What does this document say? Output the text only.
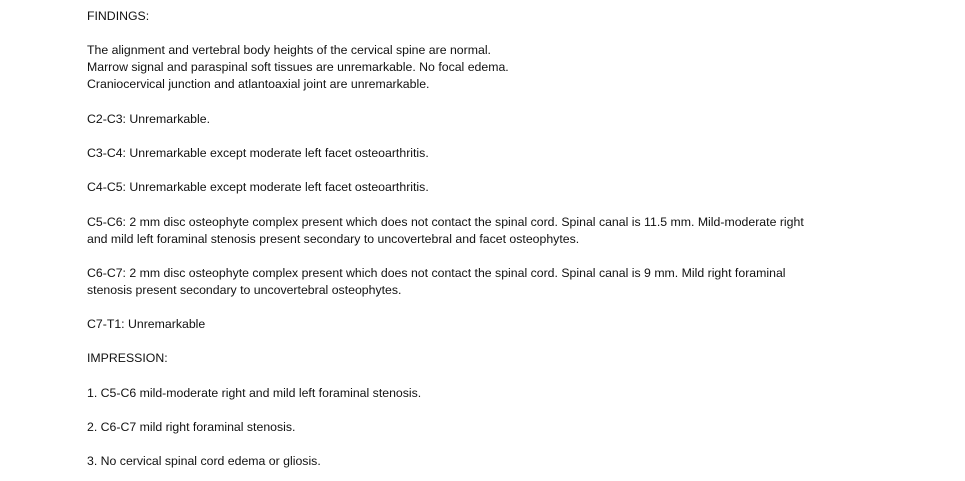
FINDINGS:

The alignment and vertebral body heights of the cervical spine are normal.
Marrow signal and paraspinal soft tissues are unremarkable. No focal edema.
Craniocervical junction and atlantoaxial joint are unremarkable.

C2-C3: Unremarkable.

C3-C4: Unremarkable except moderate left facet osteoarthritis.

C4-C5: Unremarkable except moderate left facet osteoarthritis.

C5-C6: 2 mm disc osteophyte complex present which does not contact the spinal cord. Spinal canal is 11.5 mm. Mild-moderate right
and mild left foraminal stenosis present secondary to uncovertebral and facet osteophytes.

C6-C7: 2 mm disc osteophyte complex present which does not contact the spinal cord. Spinal canal is 9 mm. Mild right foraminal
stenosis present secondary to uncovertebral osteophytes.

C7-T1: Unremarkable

IMPRESSION:

1. C5-C6 mild-moderate right and mild left foraminal stenosis.

2. C6-C7 mild right foraminal stenosis.

3. No cervical spinal cord edema or gliosis.
